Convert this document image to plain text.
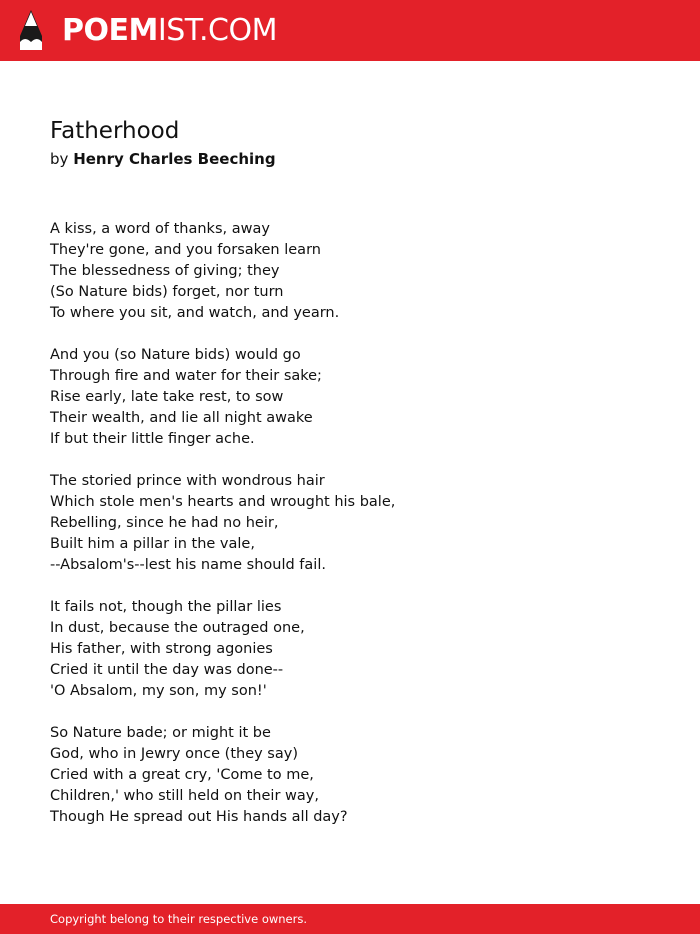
POEMIST.COM
Fatherhood
by Henry Charles Beeching
A kiss, a word of thanks, away
They're gone, and you forsaken learn
The blessedness of giving; they
(So Nature bids) forget, nor turn
To where you sit, and watch, and yearn.
And you (so Nature bids) would go
Through fire and water for their sake;
Rise early, late take rest, to sow
Their wealth, and lie all night awake
If but their little finger ache.
The storied prince with wondrous hair
Which stole men's hearts and wrought his bale,
Rebelling, since he had no heir,
Built him a pillar in the vale,
--Absalom's--lest his name should fail.
It fails not, though the pillar lies
In dust, because the outraged one,
His father, with strong agonies
Cried it until the day was done--
'O Absalom, my son, my son!'
So Nature bade; or might it be
God, who in Jewry once (they say)
Cried with a great cry, 'Come to me,
Children,' who still held on their way,
Though He spread out His hands all day?
Copyright belong to their respective owners.
